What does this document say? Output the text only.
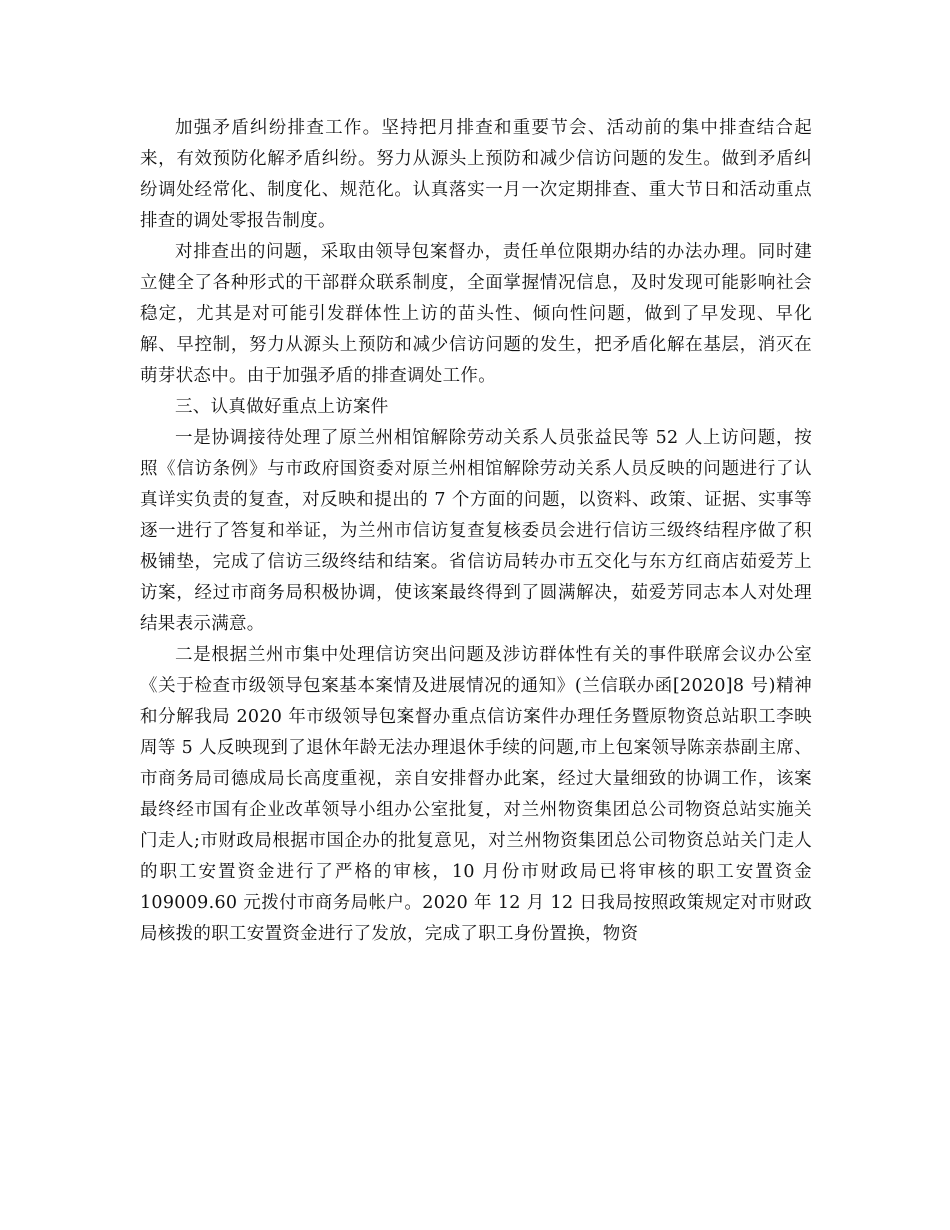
加强矛盾纠纷排查工作。坚持把月排查和重要节会、活动前的集中排查结合起来，有效预防化解矛盾纠纷。努力从源头上预防和减少信访问题的发生。做到矛盾纠纷调处经常化、制度化、规范化。认真落实一月一次定期排查、重大节日和活动重点排查的调处零报告制度。

对排查出的问题，采取由领导包案督办，责任单位限期办结的办法办理。同时建立健全了各种形式的干部群众联系制度，全面掌握情况信息，及时发现可能影响社会稳定，尤其是对可能引发群体性上访的苗头性、倾向性问题，做到了早发现、早化解、早控制，努力从源头上预防和减少信访问题的发生，把矛盾化解在基层，消灭在萌芽状态中。由于加强矛盾的排查调处工作。

三、认真做好重点上访案件

一是协调接待处理了原兰州相馆解除劳动关系人员张益民等 52 人上访问题，按照《信访条例》与市政府国资委对原兰州相馆解除劳动关系人员反映的问题进行了认真详实负责的复查，对反映和提出的 7 个方面的问题，以资料、政策、证据、实事等逐一进行了答复和举证，为兰州市信访复查复核委员会进行信访三级终结程序做了积极铺垫，完成了信访三级终结和结案。省信访局转办市五交化与东方红商店茹爱芳上访案，经过市商务局积极协调，使该案最终得到了圆满解决，茹爱芳同志本人对处理结果表示满意。

二是根据兰州市集中处理信访突出问题及涉访群体性有关的事件联席会议办公室《关于检查市级领导包案基本案情及进展情况的通知》(兰信联办函[2020]8 号)精神和分解我局 2020 年市级领导包案督办重点信访案件办理任务暨原物资总站职工李映周等 5 人反映现到了退休年龄无法办理退休手续的问题,市上包案领导陈亲恭副主席、市商务局司德成局长高度重视，亲自安排督办此案，经过大量细致的协调工作，该案最终经市国有企业改革领导小组办公室批复，对兰州物资集团总公司物资总站实施关门走人;市财政局根据市国企办的批复意见，对兰州物资集团总公司物资总站关门走人的职工安置资金进行了严格的审核，10 月份市财政局已将审核的职工安置资金 109009.60 元拨付市商务局帐户。2020 年 12 月 12 日我局按照政策规定对市财政局核拨的职工安置资金进行了发放，完成了职工身份置换，物资
